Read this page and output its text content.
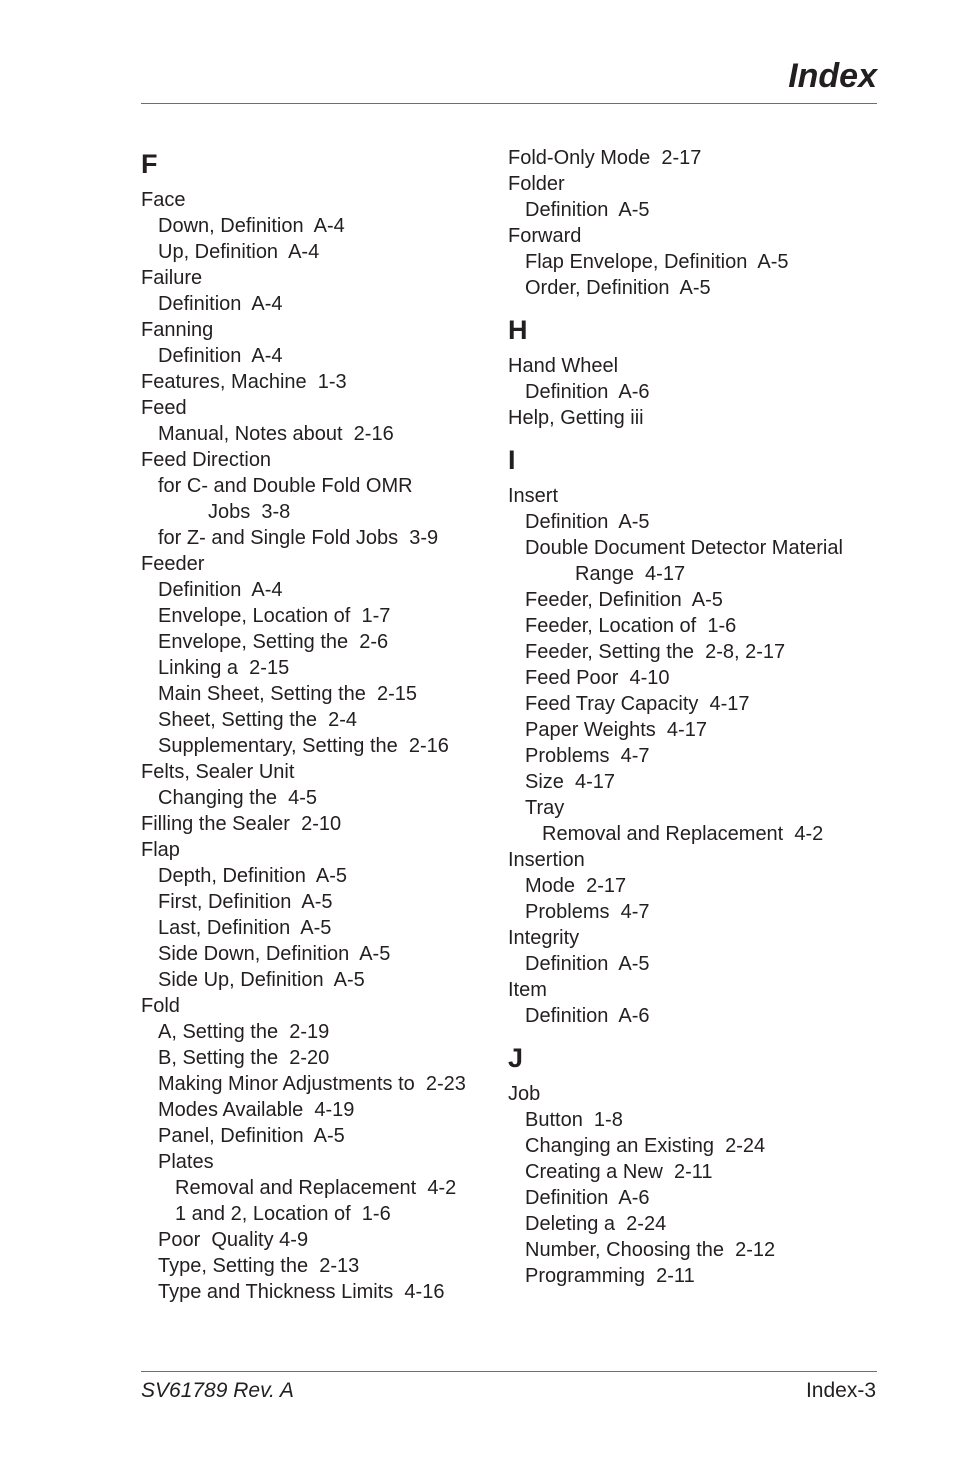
Index
F
Face
Down, Definition  A-4
Up, Definition  A-4
Failure
Definition  A-4
Fanning
Definition  A-4
Features, Machine  1-3
Feed
Manual, Notes about  2-16
Feed Direction
for C- and Double Fold OMR
Jobs  3-8
for Z- and Single Fold Jobs  3-9
Feeder
Definition  A-4
Envelope, Location of  1-7
Envelope, Setting the  2-6
Linking a  2-15
Main Sheet, Setting the  2-15
Sheet, Setting the  2-4
Supplementary, Setting the  2-16
Felts, Sealer Unit
Changing the  4-5
Filling the Sealer  2-10
Flap
Depth, Definition  A-5
First, Definition  A-5
Last, Definition  A-5
Side Down, Definition  A-5
Side Up, Definition  A-5
Fold
A, Setting the  2-19
B, Setting the  2-20
Making Minor Adjustments to  2-23
Modes Available  4-19
Panel, Definition  A-5
Plates
Removal and Replacement  4-2
1 and 2, Location of  1-6
Poor  Quality 4-9
Type, Setting the  2-13
Type and Thickness Limits  4-16
Fold-Only Mode  2-17
Folder
Definition  A-5
Forward
Flap Envelope, Definition  A-5
Order, Definition  A-5
H
Hand Wheel
Definition  A-6
Help, Getting iii
I
Insert
Definition  A-5
Double Document Detector Material
Range  4-17
Feeder, Definition  A-5
Feeder, Location of  1-6
Feeder, Setting the  2-8, 2-17
Feed Poor  4-10
Feed Tray Capacity  4-17
Paper Weights  4-17
Problems  4-7
Size  4-17
Tray
Removal and Replacement  4-2
Insertion
Mode  2-17
Problems  4-7
Integrity
Definition  A-5
Item
Definition  A-6
J
Job
Button  1-8
Changing an Existing  2-24
Creating a New  2-11
Definition  A-6
Deleting a  2-24
Number, Choosing the  2-12
Programming  2-11
SV61789 Rev. A	Index-3
